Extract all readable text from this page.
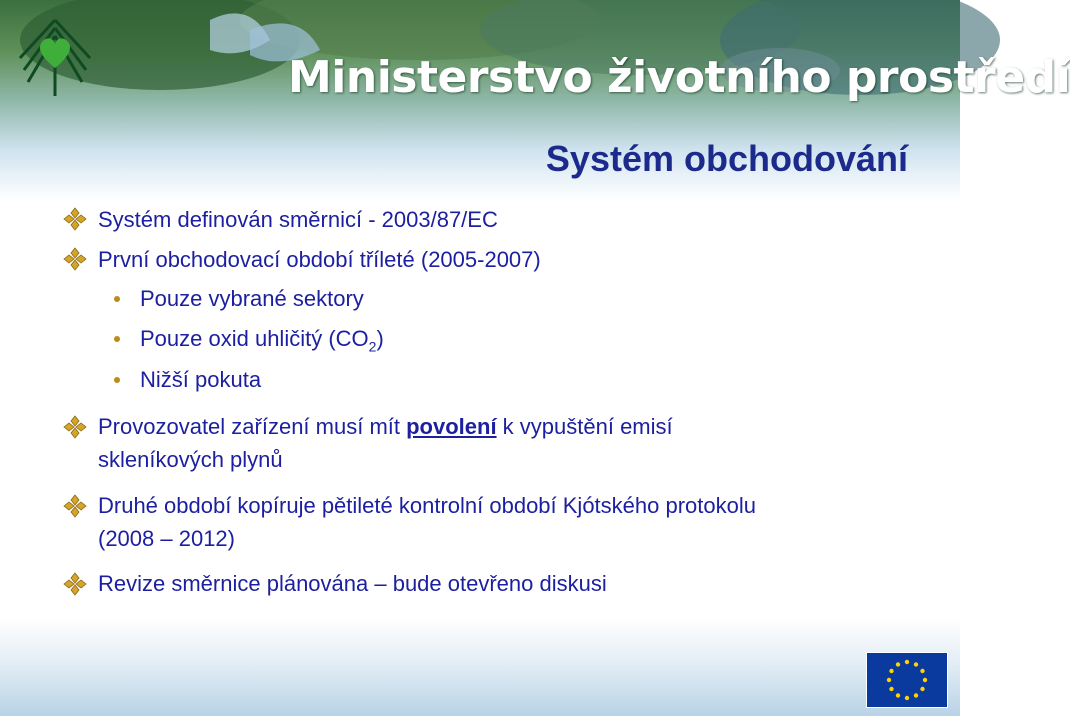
Ministerstvo životního prostředí
Systém obchodování
Systém definován směrnicí - 2003/87/EC
První obchodovací období tříleté (2005-2007)
Pouze vybrané sektory
Pouze oxid uhličitý $(CO_2)$
Nižší pokuta
Provozovatel zařízení musí mít povolení k vypuštění emisí
skleníkových plynů
Druhé období kopíruje pětileté kontrolní období Kjótského protokolu
(2008 – 2012)
Revize směrnice plánována – bude otevřeno diskusi
